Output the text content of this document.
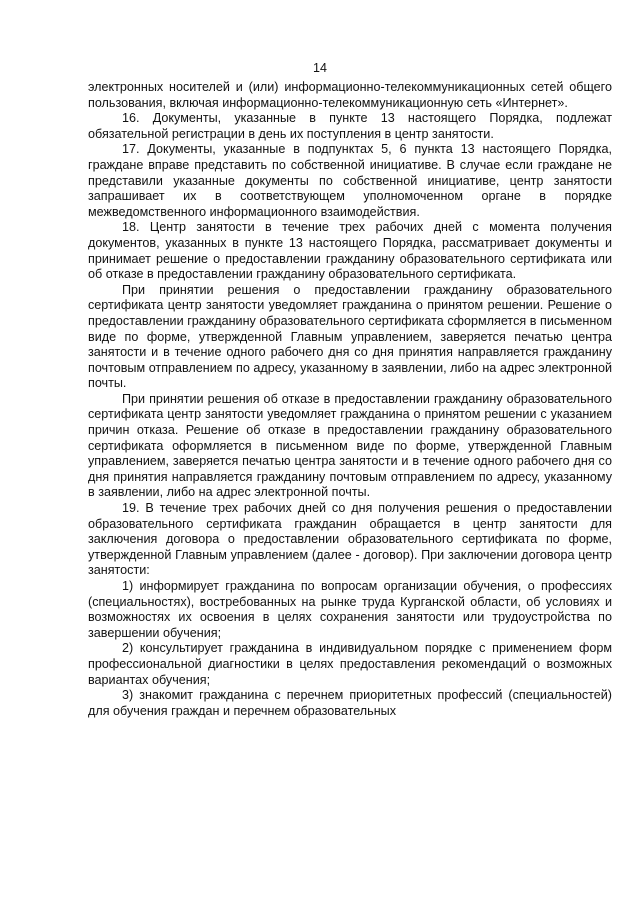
14

электронных носителей и (или) информационно-телекоммуникационных сетей общего пользования, включая информационно-телекоммуникационную сеть «Интернет».

16. Документы, указанные в пункте 13 настоящего Порядка, подлежат обязательной регистрации в день их поступления в центр занятости.

17. Документы, указанные в подпунктах 5, 6 пункта 13 настоящего Порядка, граждане вправе представить по собственной инициативе. В случае если граждане не представили указанные документы по собственной инициативе, центр занятости запрашивает их в соответствующем уполномоченном органе в порядке межведомственного информационного взаимодействия.

18. Центр занятости в течение трех рабочих дней с момента получения документов, указанных в пункте 13 настоящего Порядка, рассматривает документы и принимает решение о предоставлении гражданину образовательного сертификата или об отказе в предоставлении гражданину образовательного сертификата.

При принятии решения о предоставлении гражданину образовательного сертификата центр занятости уведомляет гражданина о принятом решении. Решение о предоставлении гражданину образовательного сертификата сформляется в письменном виде по форме, утвержденной Главным управлением, заверяется печатью центра занятости и в течение одного рабочего дня со дня принятия направляется гражданину почтовым отправлением по адресу, указанному в заявлении, либо на адрес электронной почты.

При принятии решения об отказе в предоставлении гражданину образовательного сертификата центр занятости уведомляет гражданина о принятом решении с указанием причин отказа. Решение об отказе в предоставлении гражданину образовательного сертификата оформляется в письменном виде по форме, утвержденной Главным управлением, заверяется печатью центра занятости и в течение одного рабочего дня со дня принятия направляется гражданину почтовым отправлением по адресу, указанному в заявлении, либо на адрес электронной почты.

19. В течение трех рабочих дней со дня получения решения о предоставлении образовательного сертификата гражданин обращается в центр занятости для заключения договора о предоставлении образовательного сертификата по форме, утвержденной Главным управлением (далее - договор). При заключении договора центр занятости:

1) информирует гражданина по вопросам организации обучения, о профессиях (специальностях), востребованных на рынке труда Курганской области, об условиях и возможностях их освоения в целях сохранения занятости или трудоустройства по завершении обучения;

2) консультирует гражданина в индивидуальном порядке с применением форм профессиональной диагностики в целях предоставления рекомендаций о возможных вариантах обучения;

3) знакомит гражданина с перечнем приоритетных профессий (специальностей) для обучения граждан и перечнем образовательных
